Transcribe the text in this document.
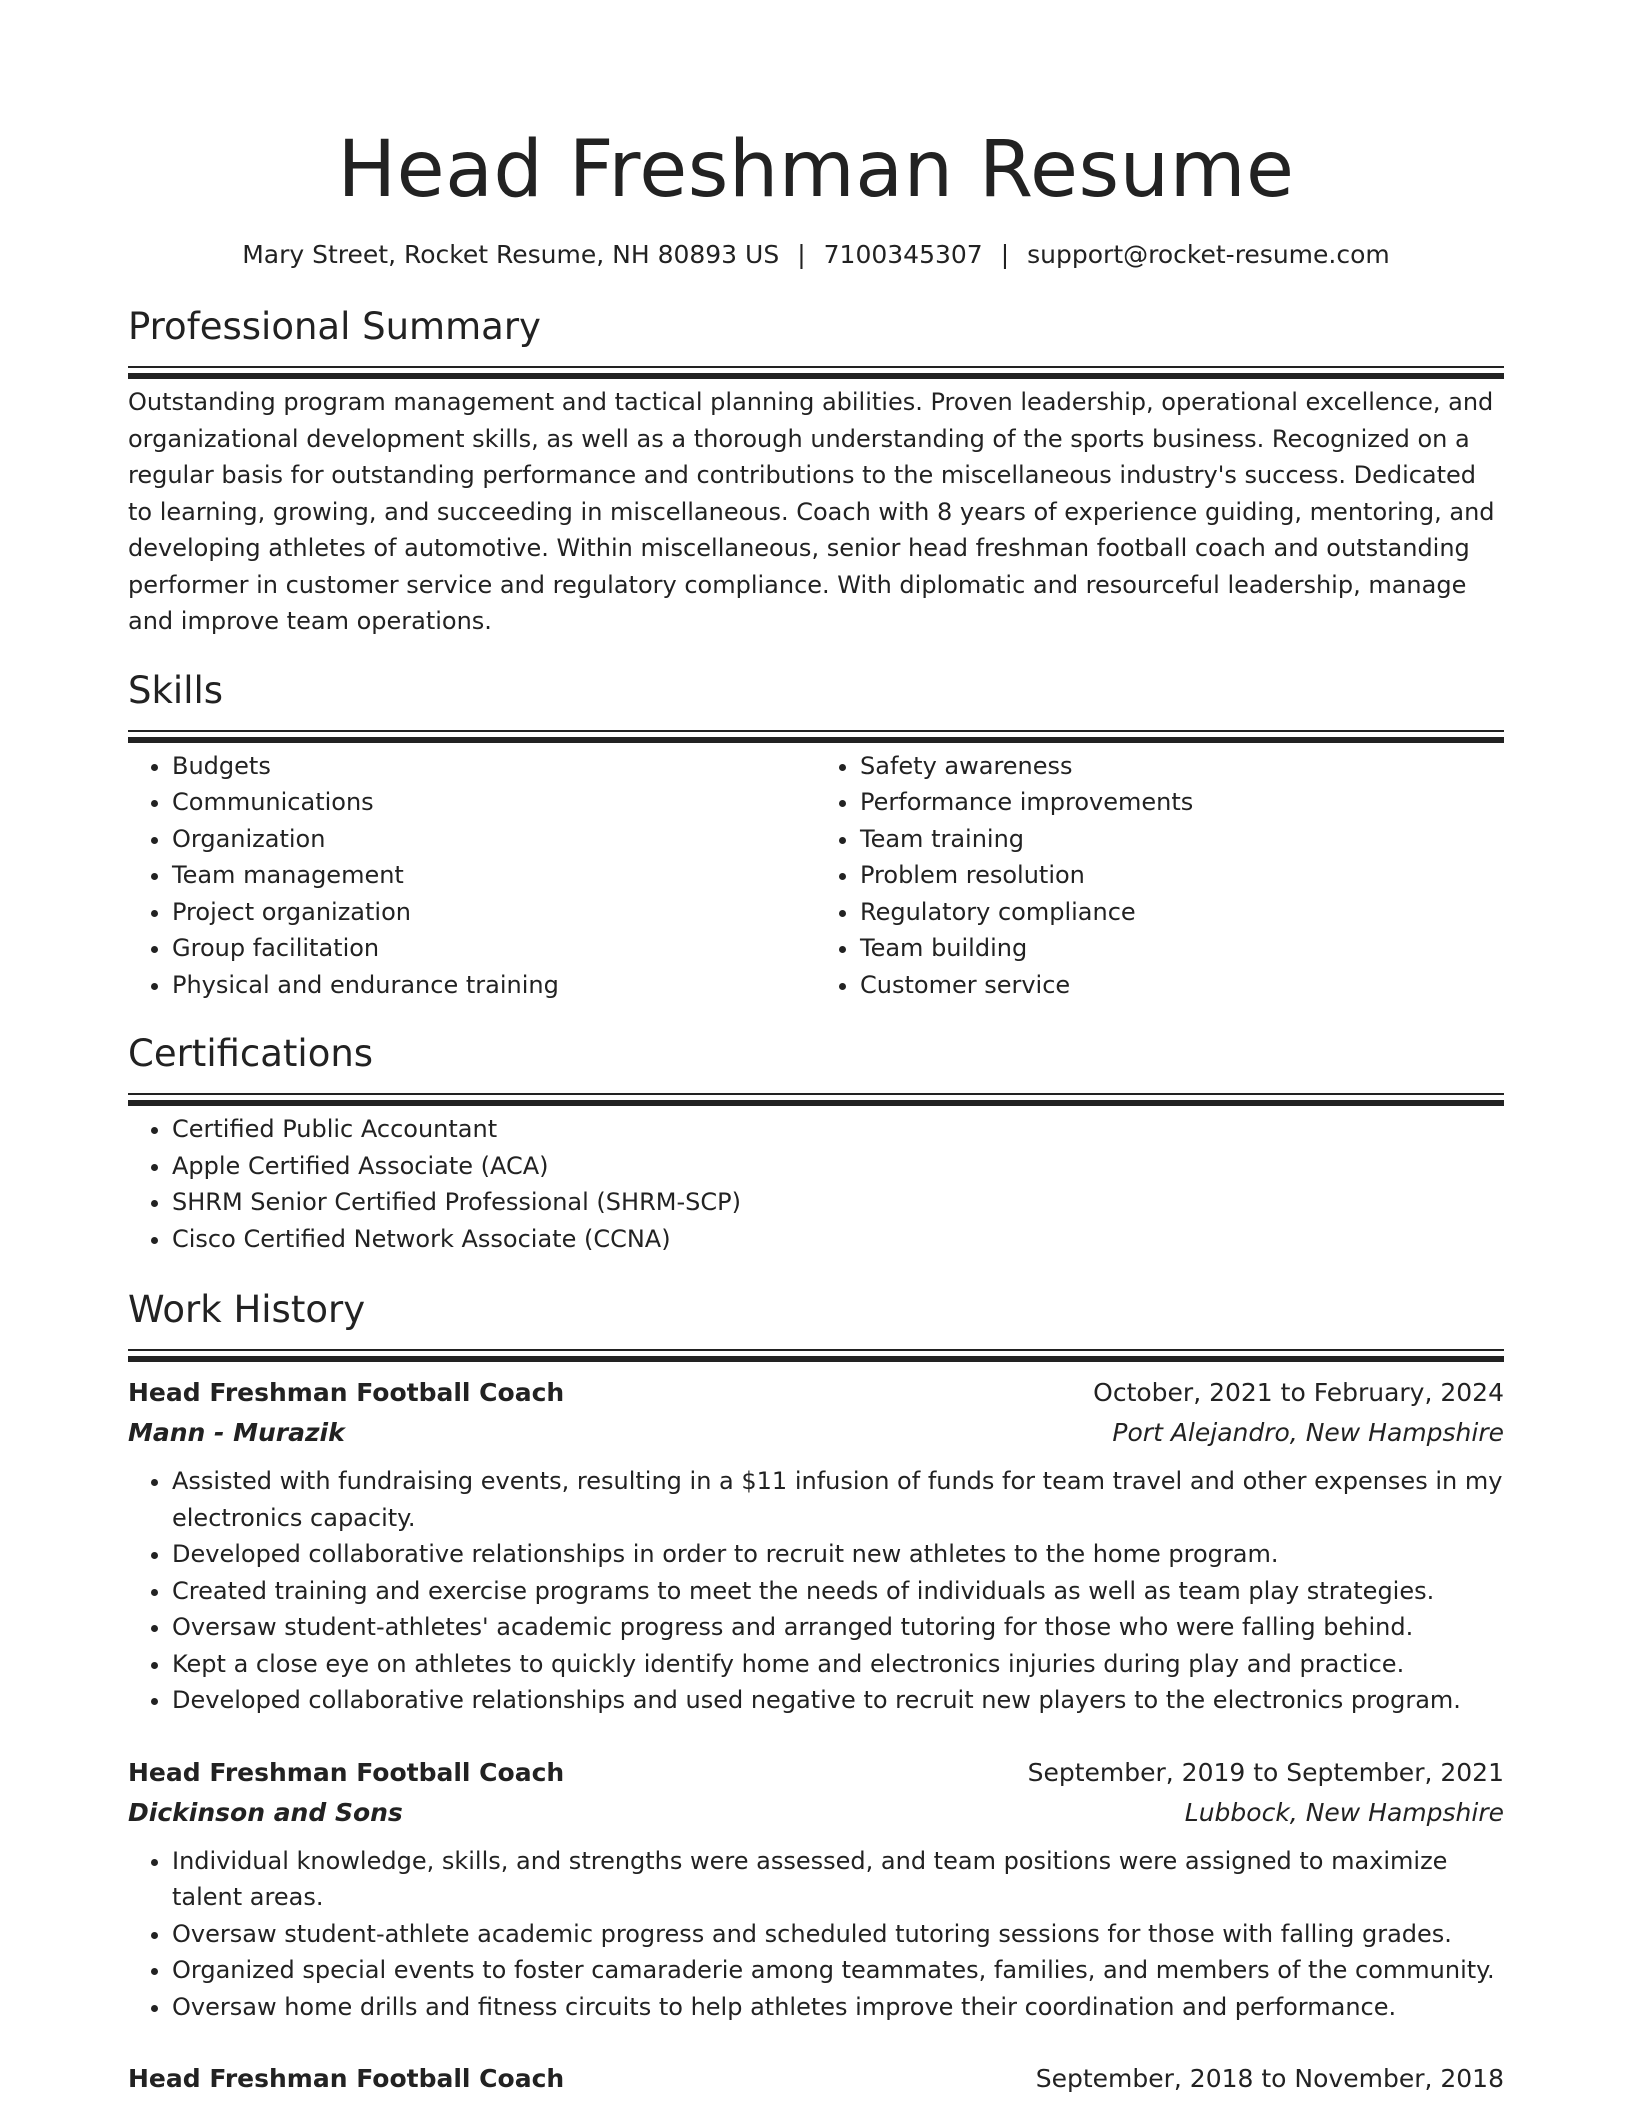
Head Freshman Resume
Mary Street, Rocket Resume, NH 80893 US | 7100345307 | support@rocket-resume.com
Professional Summary

Outstanding program management and tactical planning abilities. Proven leadership, operational excellence, and organizational development skills, as well as a thorough understanding of the sports business. Recognized on a regular basis for outstanding performance and contributions to the miscellaneous industry's success. Dedicated to learning, growing, and succeeding in miscellaneous. Coach with 8 years of experience guiding, mentoring, and developing athletes of automotive. Within miscellaneous, senior head freshman football coach and outstanding performer in customer service and regulatory compliance. With diplomatic and resourceful leadership, manage and improve team operations.

Skills
• Budgets
• Communications
• Organization
• Team management
• Project organization
• Group facilitation
• Physical and endurance training
• Safety awareness
• Performance improvements
• Team training
• Problem resolution
• Regulatory compliance
• Team building
• Customer service
Certifications
• Certified Public Accountant
• Apple Certified Associate (ACA)
• SHRM Senior Certified Professional (SHRM-SCP)
• Cisco Certified Network Associate (CCNA)
Work History
Head Freshman Football Coach	October, 2021 to February, 2024
Mann - Murazik	Port Alejandro, New Hampshire
• Assisted with fundraising events, resulting in a $11 infusion of funds for team travel and other expenses in my electronics capacity.
• Developed collaborative relationships in order to recruit new athletes to the home program.
• Created training and exercise programs to meet the needs of individuals as well as team play strategies.
• Oversaw student-athletes' academic progress and arranged tutoring for those who were falling behind.
• Kept a close eye on athletes to quickly identify home and electronics injuries during play and practice.
• Developed collaborative relationships and used negative to recruit new players to the electronics program.
Head Freshman Football Coach	September, 2019 to September, 2021
Dickinson and Sons	Lubbock, New Hampshire
• Individual knowledge, skills, and strengths were assessed, and team positions were assigned to maximize talent areas.
• Oversaw student-athlete academic progress and scheduled tutoring sessions for those with falling grades.
• Organized special events to foster camaraderie among teammates, families, and members of the community.
• Oversaw home drills and fitness circuits to help athletes improve their coordination and performance.
Head Freshman Football Coach	September, 2018 to November, 2018
